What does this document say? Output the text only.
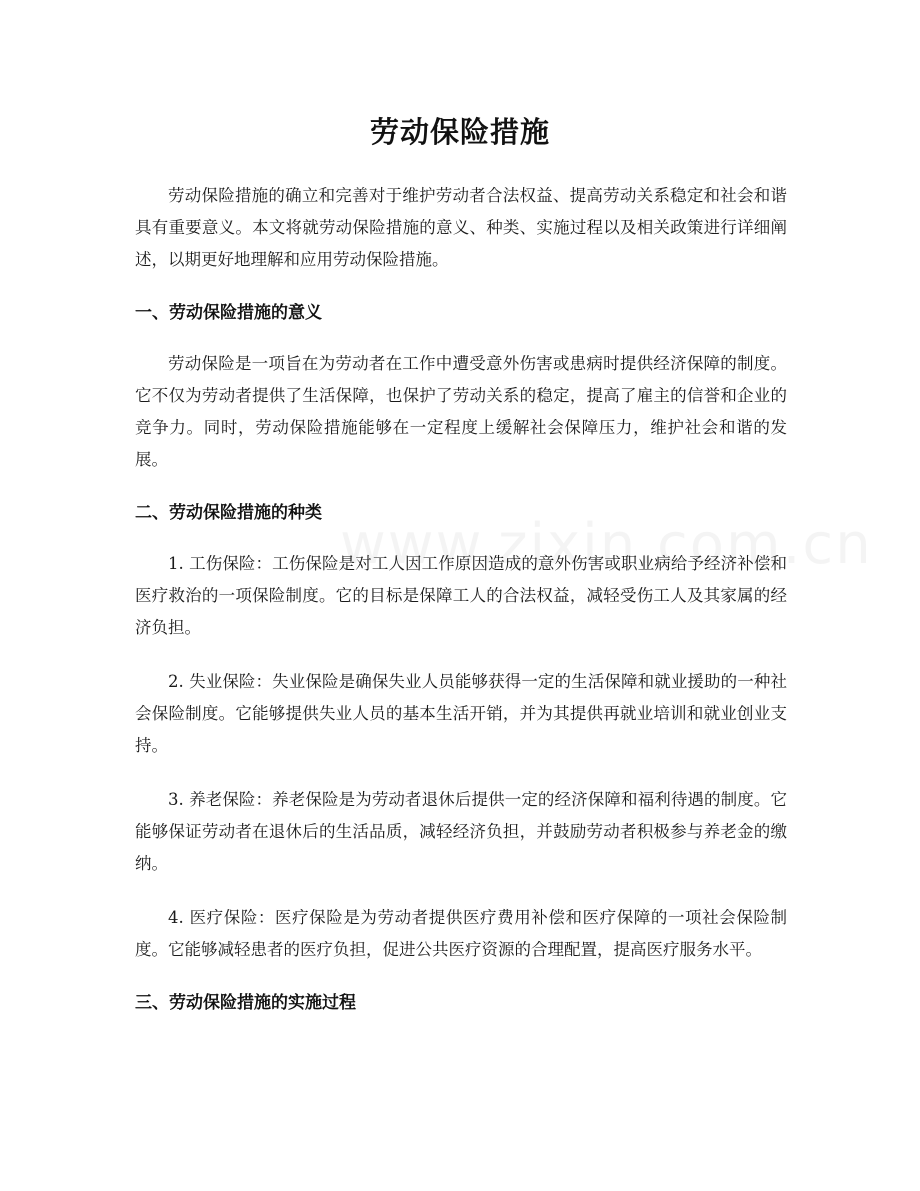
劳动保险措施

劳动保险措施的确立和完善对于维护劳动者合法权益、提高劳动关系稳定和社会和谐具有重要意义。本文将就劳动保险措施的意义、种类、实施过程以及相关政策进行详细阐述，以期更好地理解和应用劳动保险措施。

一、劳动保险措施的意义

劳动保险是一项旨在为劳动者在工作中遭受意外伤害或患病时提供经济保障的制度。它不仅为劳动者提供了生活保障，也保护了劳动关系的稳定，提高了雇主的信誉和企业的竞争力。同时，劳动保险措施能够在一定程度上缓解社会保障压力，维护社会和谐的发展。

二、劳动保险措施的种类

1. 工伤保险：工伤保险是对工人因工作原因造成的意外伤害或职业病给予经济补偿和医疗救治的一项保险制度。它的目标是保障工人的合法权益，减轻受伤工人及其家属的经济负担。

2. 失业保险：失业保险是确保失业人员能够获得一定的生活保障和就业援助的一种社会保险制度。它能够提供失业人员的基本生活开销，并为其提供再就业培训和就业创业支持。

3. 养老保险：养老保险是为劳动者退休后提供一定的经济保障和福利待遇的制度。它能够保证劳动者在退休后的生活品质，减轻经济负担，并鼓励劳动者积极参与养老金的缴纳。

4. 医疗保险：医疗保险是为劳动者提供医疗费用补偿和医疗保障的一项社会保险制度。它能够减轻患者的医疗负担，促进公共医疗资源的合理配置，提高医疗服务水平。

三、劳动保险措施的实施过程
